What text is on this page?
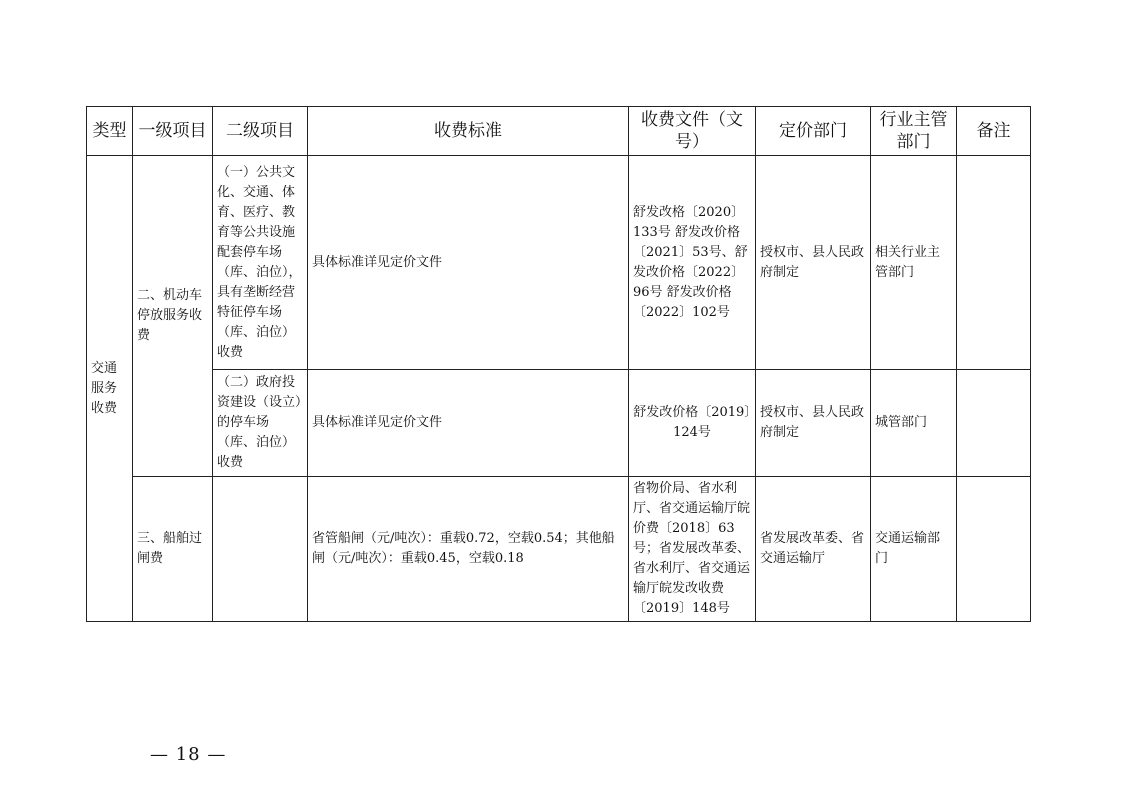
类型	一级项目	二级项目	收费标准	收费文件（文号）	定价部门	行业主管部门	备注
交通服务收费	二、机动车停放服务收费	（一）公共文化、交通、体育、医疗、教育等公共设施配套停车场（库、泊位），具有垄断经营特征停车场（库、泊位）收费	具体标准详见定价文件	舒发改格〔2020〕133号 舒发改价格〔2021〕53号、舒发改价格〔2022〕96号 舒发改价格〔2022〕102号	授权市、县人民政府制定	相关行业主管部门	
		（二）政府投资建设（设立）的停车场（库、泊位）收费	具体标准详见定价文件	舒发改价格〔2019〕124号	授权市、县人民政府制定	城管部门	
	三、船舶过闸费		省管船闸（元/吨次）：重载0.72，空载0.54；其他船闸（元/吨次）：重载0.45，空载0.18	省物价局、省水利厅、省交通运输厅皖价费〔2018〕63号；省发展改革委、省水利厅、省交通运输厅皖发改收费〔2019〕148号	省发展改革委、省交通运输厅	交通运输部门	
— 18 —
